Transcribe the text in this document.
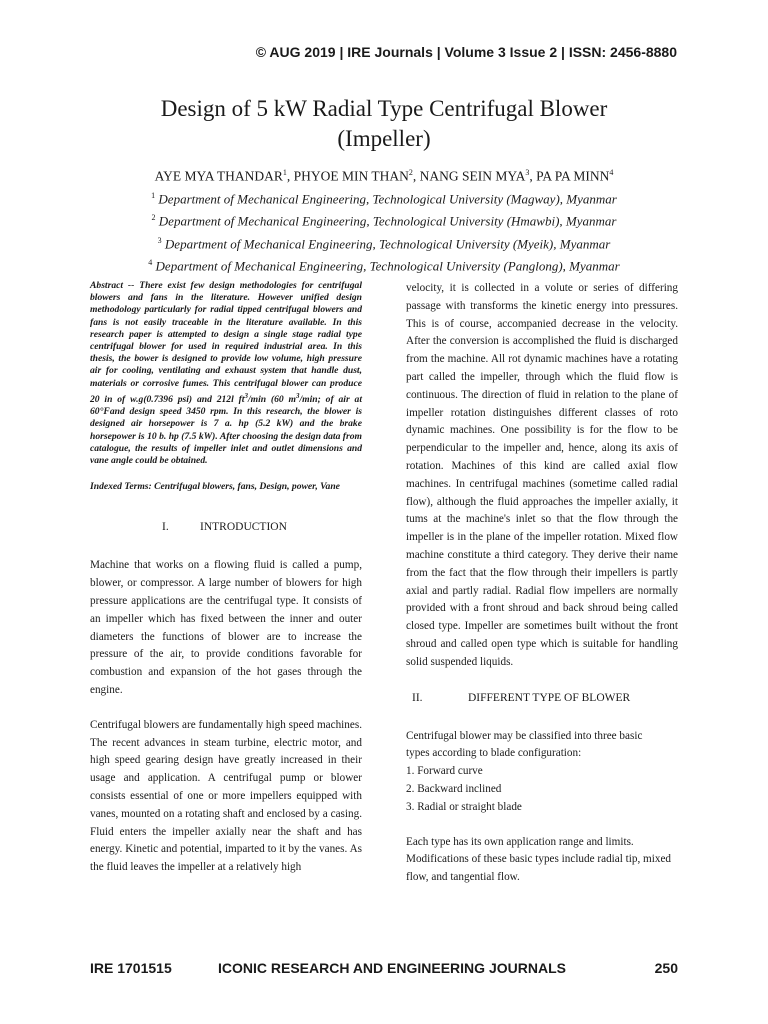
© AUG 2019 | IRE Journals | Volume 3 Issue 2 | ISSN: 2456-8880
Design of 5 kW Radial Type Centrifugal Blower
(Impeller)
AYE MYA THANDAR$^1$, PHYOE MIN THAN$^2$, NANG SEIN MYA$^3$, PA PA MINN$^4$
$^1$ Department of Mechanical Engineering, Technological University (Magway), Myanmar
$^2$ Department of Mechanical Engineering, Technological University (Hmawbi), Myanmar
$^3$ Department of Mechanical Engineering, Technological University (Myeik), Myanmar
$^4$ Department of Mechanical Engineering, Technological University (Panglong), Myanmar

Abstract -- There exist few design methodologies for centrifugal blowers and fans in the literature. However unified design methodology particularly for radial tipped centrifugal blowers and fans is not easily traceable in the literature available. In this research paper is attempted to design a single stage radial type centrifugal blower for used in required industrial area. In this thesis, the bower is designed to provide low volume, high pressure air for cooling, ventilating and exhaust system that handle dust, materials or corrosive fumes. This centrifugal blower can produce 20 in of w.g(0.7396 psi) and 212l $ft^3/\min$ (60 $m^3/\min$; of air at 60°Fand design speed 3450 rpm. In this research, the blower is designed air horsepower is 7 a. hp (5.2 kW) and the brake horsepower is 10 b. hp (7.5 kW). After choosing the design data from catalogue, the results of impeller inlet and outlet dimensions and vane angle could be obtained.

Indexed Terms: Centrifugal blowers, fans, Design, power, Vane

I.	INTRODUCTION

Machine that works on a flowing fluid is called a pump, blower, or compressor. A large number of blowers for high pressure applications are the centrifugal type. It consists of an impeller which has fixed between the inner and outer diameters the functions of blower are to increase the pressure of the air, to provide conditions favorable for combustion and expansion of the hot gases through the engine.

Centrifugal blowers are fundamentally high speed machines. The recent advances in steam turbine, electric motor, and high speed gearing design have greatly increased in their usage and application. A centrifugal pump or blower consists essential of one or more impellers equipped with vanes, mounted on a rotating shaft and enclosed by a casing. Fluid enters the impeller axially near the shaft and has energy. Kinetic and potential, imparted to it by the vanes. As the fluid leaves the impeller at a relatively high

velocity, it is collected in a volute or series of differing passage with transforms the kinetic energy into pressures. This is of course, accompanied decrease in the velocity. After the conversion is accomplished the fluid is discharged from the machine. All rot dynamic machines have a rotating part called the impeller, through which the fluid flow is continuous. The direction of fluid in relation to the plane of impeller rotation distinguishes different classes of roto dynamic machines. One possibility is for the flow to be perpendicular to the impeller and, hence, along its axis of rotation. Machines of this kind are called axial flow machines. In centrifugal machines (sometime called radial flow), although the fluid approaches the impeller axially, it tums at the machine's inlet so that the flow through the impeller is in the plane of the impeller rotation. Mixed flow machine constitute a third category. They derive their name from the fact that the flow through their impellers is partly axial and partly radial. Radial flow impellers are normally provided with a front shroud and back shroud being called closed type. Impeller are sometimes built without the front shroud and called open type which is suitable for handling solid suspended liquids.

II.	DIFFERENT TYPE OF BLOWER
Centrifugal blower may be classified into three basic
types according to blade configuration:
1. Forward curve
2. Backward inclined
3. Radial or straight blade

Each type has its own application range and limits. Modifications of these basic types include radial tip, mixed flow, and tangential flow.

IRE 1701515	ICONIC RESEARCH AND ENGINEERING JOURNALS	250
